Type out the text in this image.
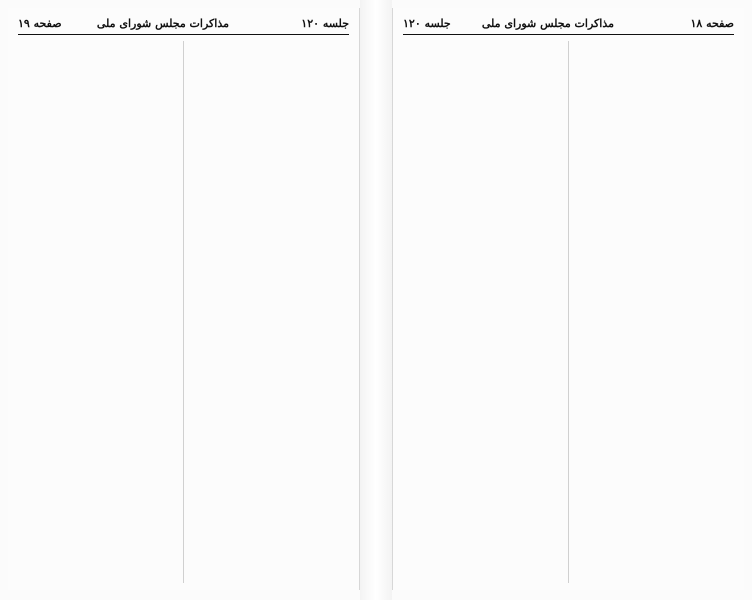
صفحه ١٩	مذاکرات مجلس شورای ملی	جلسه ١٢٠	جلسه ١٢٠	مذاکرات مجلس شورای ملی	صفحه ١٨
